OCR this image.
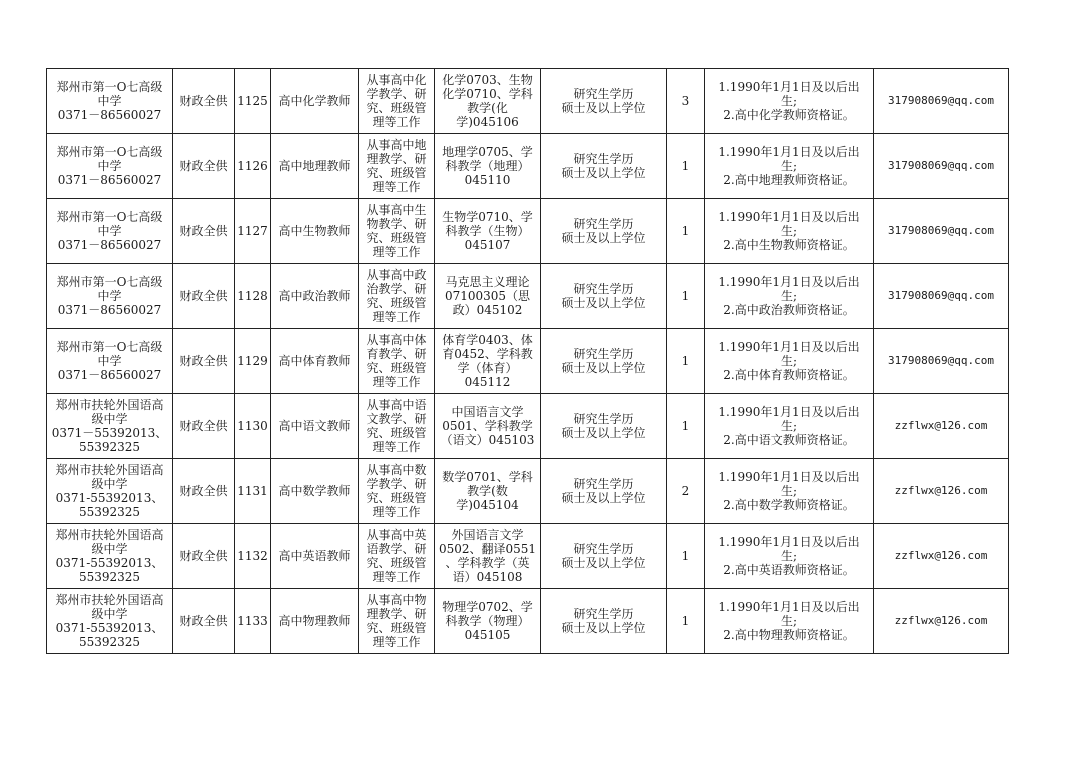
郑州市第一O七高级
中学
0371－86560027	财政全供	1125	高中化学教师	从事高中化
学教学、研
究、班级管
理等工作	化学0703、生物
化学0710、学科
教学(化
学)045106	研究生学历
硕士及以上学位	3	1.1990年1月1日及以后出
生;
2.高中化学教师资格证。	317908069@qq.com

郑州市第一O七高级
中学
0371－86560027	财政全供	1126	高中地理教师	从事高中地
理教学、研
究、班级管
理等工作	地理学0705、学
科教学（地理）
045110	研究生学历
硕士及以上学位	1	1.1990年1月1日及以后出
生;
2.高中地理教师资格证。	317908069@qq.com

郑州市第一O七高级
中学
0371－86560027	财政全供	1127	高中生物教师	从事高中生
物教学、研
究、班级管
理等工作	生物学0710、学
科教学（生物）
045107	研究生学历
硕士及以上学位	1	1.1990年1月1日及以后出
生;
2.高中生物教师资格证。	317908069@qq.com

郑州市第一O七高级
中学
0371－86560027	财政全供	1128	高中政治教师	从事高中政
治教学、研
究、班级管
理等工作	马克思主义理论
07100305（思
政）045102	研究生学历
硕士及以上学位	1	1.1990年1月1日及以后出
生;
2.高中政治教师资格证。	317908069@qq.com

郑州市第一O七高级
中学
0371－86560027	财政全供	1129	高中体育教师	从事高中体
育教学、研
究、班级管
理等工作	体育学0403、体
育0452、学科教
学（体育）
045112	研究生学历
硕士及以上学位	1	1.1990年1月1日及以后出
生;
2.高中体育教师资格证。	317908069@qq.com

郑州市扶轮外国语高
级中学
0371－55392013、
55392325	财政全供	1130	高中语文教师	从事高中语
文教学、研
究、班级管
理等工作	中国语言文学
0501、学科教学
（语文）045103	研究生学历
硕士及以上学位	1	1.1990年1月1日及以后出
生;
2.高中语文教师资格证。	zzflwx@126.com

郑州市扶轮外国语高
级中学
0371-55392013、
55392325	财政全供	1131	高中数学教师	从事高中数
学教学、研
究、班级管
理等工作	数学0701、学科
教学(数
学)045104	研究生学历
硕士及以上学位	2	1.1990年1月1日及以后出
生;
2.高中数学教师资格证。	zzflwx@126.com

郑州市扶轮外国语高
级中学
0371-55392013、
55392325	财政全供	1132	高中英语教师	从事高中英
语教学、研
究、班级管
理等工作	外国语言文学
0502、翻译0551
、学科教学（英
语）045108	研究生学历
硕士及以上学位	1	1.1990年1月1日及以后出
生;
2.高中英语教师资格证。	zzflwx@126.com

郑州市扶轮外国语高
级中学
0371-55392013、
55392325	财政全供	1133	高中物理教师	从事高中物
理教学、研
究、班级管
理等工作	物理学0702、学
科教学（物理）
045105	研究生学历
硕士及以上学位	1	1.1990年1月1日及以后出
生;
2.高中物理教师资格证。	zzflwx@126.com
